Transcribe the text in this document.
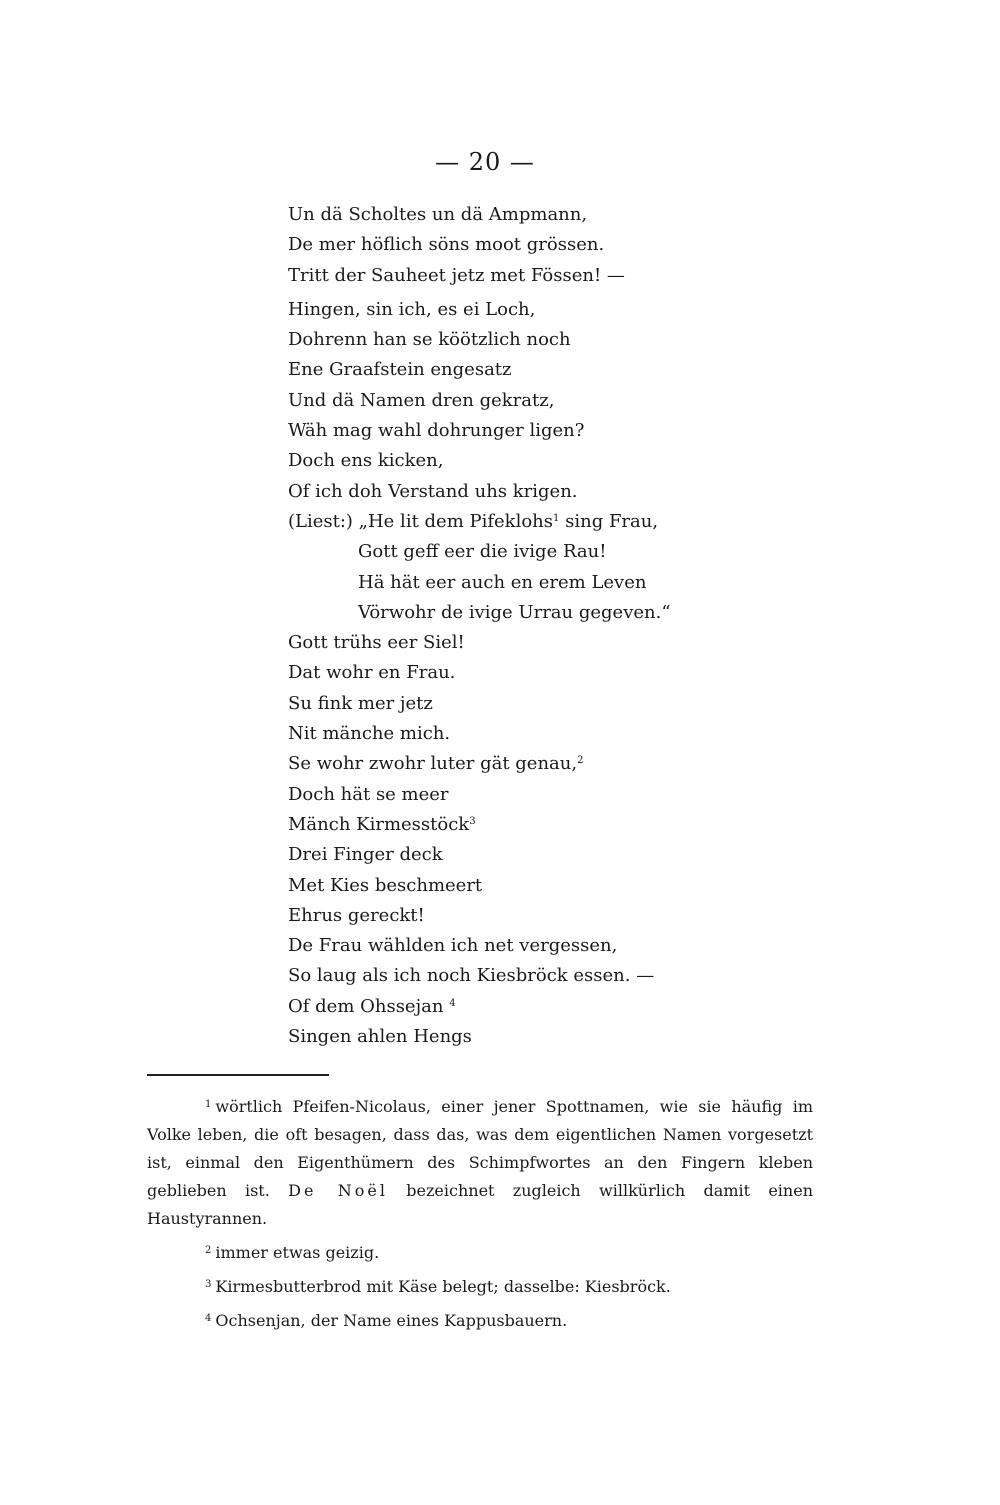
— 20 —
Un dä Scholtes un dä Ampmann,
De mer höflich söns moot grössen.
Tritt der Sauheet jetz met Fössen! —
Hingen, sin ich, es ei Loch,
Dohrenn han se köötzlich noch
Ene Graafstein engesatz
Und dä Namen dren gekratz,
Wäh mag wahl dohrunger ligen?
Doch ens kicken,
Of ich doh Verstand uhs krigen.
(Liest:) „He lit dem Pifeklohs$^1$ sing Frau,
Gott geff eer die ivige Rau!
Hä hät eer auch en erem Leven
Vörwohr de ivige Urrau gegeven.“
Gott trühs eer Siel!
Dat wohr en Frau.
Su fink mer jetz
Nit mänche mich.
Se wohr zwohr luter gät genau,$^2$
Doch hät se meer
Mänch Kirmesstöck$^3$
Drei Finger deck
Met Kies beschmeert
Ehrus gereckt!
De Frau wählden ich net vergessen,
So laug als ich noch Kiesbröck essen. —
Of dem Ohssejan $^4$
Singen ahlen Hengs

$^1$ wörtlich Pfeifen-Nicolaus, einer jener Spottnamen, wie sie häufig im Volke leben, die oft besagen, dass das, was dem eigentlichen Namen vorgesetzt ist, einmal den Eigenthümern des Schimpfwortes an den Fingern kleben geblieben ist. De Noël bezeichnet zugleich willkürlich damit einen Haustyrannen.

$^2$ immer etwas geizig.

$^3$ Kirmesbutterbrod mit Käse belegt; dasselbe: Kiesbröck.

$^4$ Ochsenjan, der Name eines Kappusbauern.
